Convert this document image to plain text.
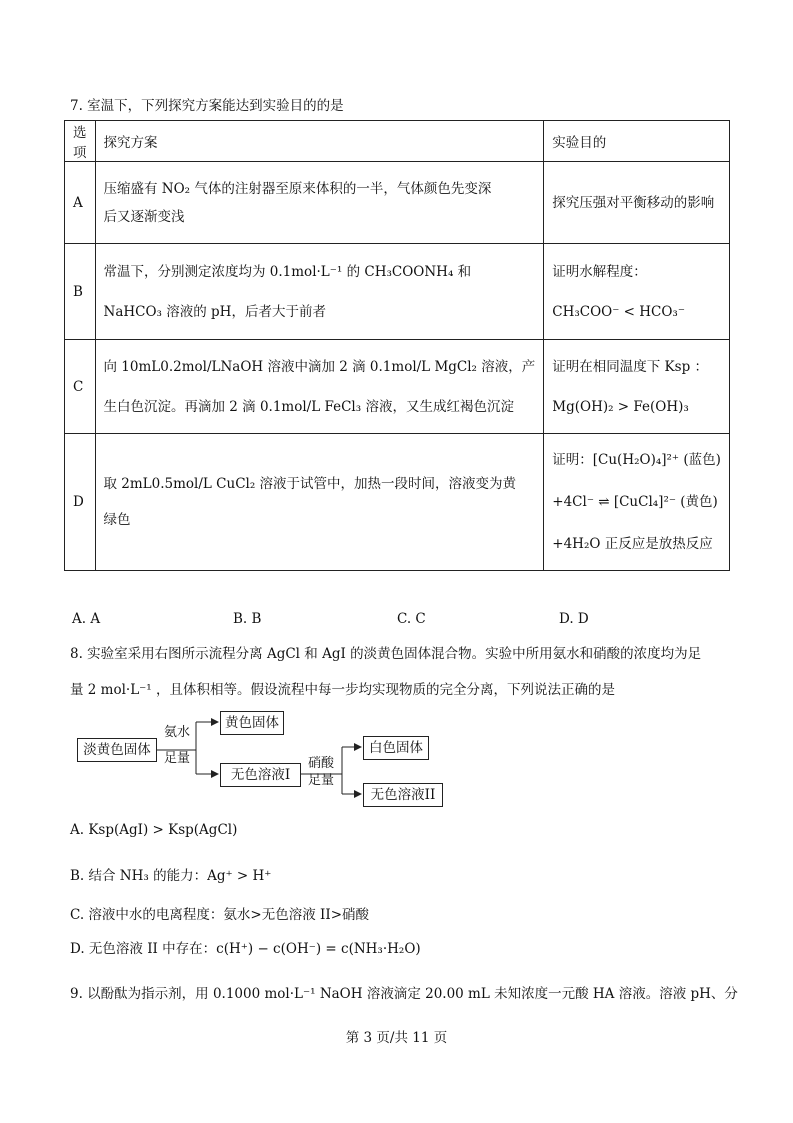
7. 室温下，下列探究方案能达到实验目的的是
选项	探究方案	实验目的
A	压缩盛有 NO₂ 气体的注射器至原来体积的一半，气体颜色先变深
后又逐渐变浅	探究压强对平衡移动的影响

B	常温下，分别测定浓度均为 0.1mol·L⁻¹ 的 CH₃COONH₄ 和
NaHCO₃ 溶液的 pH，后者大于前者	证明水解程度：
CH₃COO⁻ < HCO₃⁻

C	向 10mL0.2mol/LNaOH 溶液中滴加 2 滴 0.1mol/L MgCl₂ 溶液，产
生白色沉淀。再滴加 2 滴 0.1mol/L FeCl₃ 溶液，又生成红褐色沉淀	证明在相同温度下 Ksp ：
Mg(OH)₂ > Fe(OH)₃

D	取 2mL0.5mol/L CuCl₂ 溶液于试管中，加热一段时间，溶液变为黄
绿色	证明：[Cu(H₂O)₄]²⁺ (蓝色)
+4Cl⁻ ⇌ [CuCl₄]²⁻ (黄色)
+4H₂O 正反应是放热反应
A. A	B. B	C. C	D. D
8. 实验室采用右图所示流程分离 AgCl 和 AgI 的淡黄色固体混合物。实验中所用氨水和硝酸的浓度均为足
量 2 mol·L⁻¹ ，且体积相等。假设流程中每一步均实现物质的完全分离，下列说法正确的是
淡黄色固体
氨水
足量
黄色固体
无色溶液I
硝酸
足量
白色固体
无色溶液II
A. Ksp(AgI) > Ksp(AgCl)
B. 结合 NH₃ 的能力：Ag⁺ > H⁺
C. 溶液中水的电离程度：氨水>无色溶液 II>硝酸
D. 无色溶液 II 中存在：c(H⁺) − c(OH⁻) = c(NH₃·H₂O)
9. 以酚酞为指示剂，用 0.1000 mol·L⁻¹ NaOH 溶液滴定 20.00 mL 未知浓度一元酸 HA 溶液。溶液 pH、分
第 3 页/共 11 页
